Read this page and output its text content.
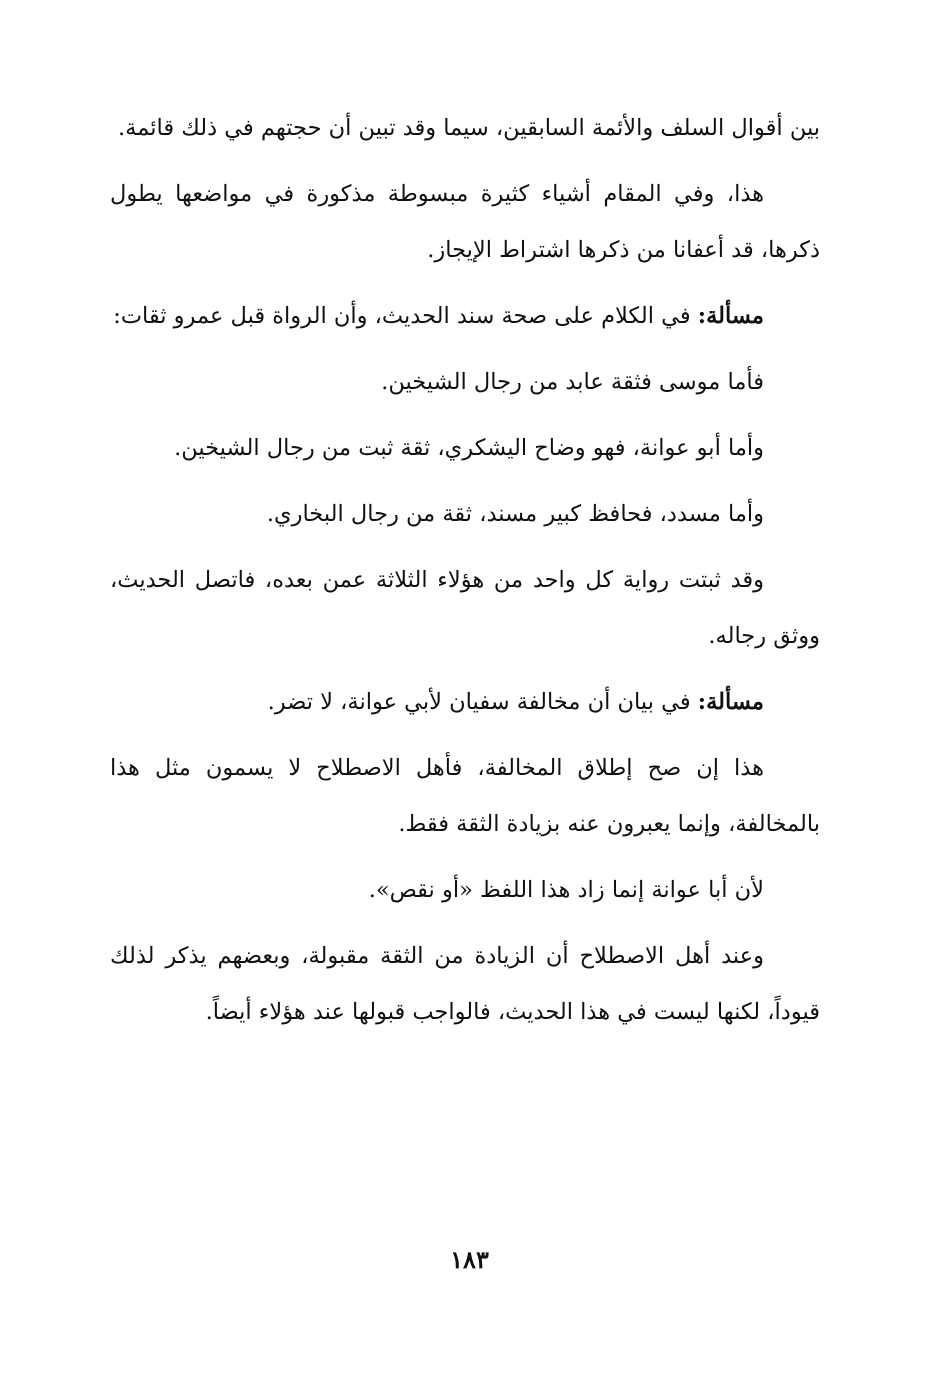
بين أقوال السلف والأئمة السابقين، سيما وقد تبين أن حجتهم في ذلك قائمة.

هذا، وفي المقام أشياء كثيرة مبسوطة مذكورة في مواضعها يطول ذكرها، قد أعفانا من ذكرها اشتراط الإيجاز.

مسألة: في الكلام على صحة سند الحديث، وأن الرواة قبل عمرو ثقات:

فأما موسى فثقة عابد من رجال الشيخين.

وأما أبو عوانة، فهو وضاح اليشكري، ثقة ثبت من رجال الشيخين.

وأما مسدد، فحافظ كبير مسند، ثقة من رجال البخاري.

وقد ثبتت رواية كل واحد من هؤلاء الثلاثة عمن بعده، فاتصل الحديث، ووثق رجاله.

مسألة: في بيان أن مخالفة سفيان لأبي عوانة، لا تضر.

هذا إن صح إطلاق المخالفة، فأهل الاصطلاح لا يسمون مثل هذا بالمخالفة، وإنما يعبرون عنه بزيادة الثقة فقط.

لأن أبا عوانة إنما زاد هذا اللفظ «أو نقص».

وعند أهل الاصطلاح أن الزيادة من الثقة مقبولة، وبعضهم يذكر لذلك قيوداً، لكنها ليست في هذا الحديث، فالواجب قبولها عند هؤلاء أيضاً.

١٨٣
